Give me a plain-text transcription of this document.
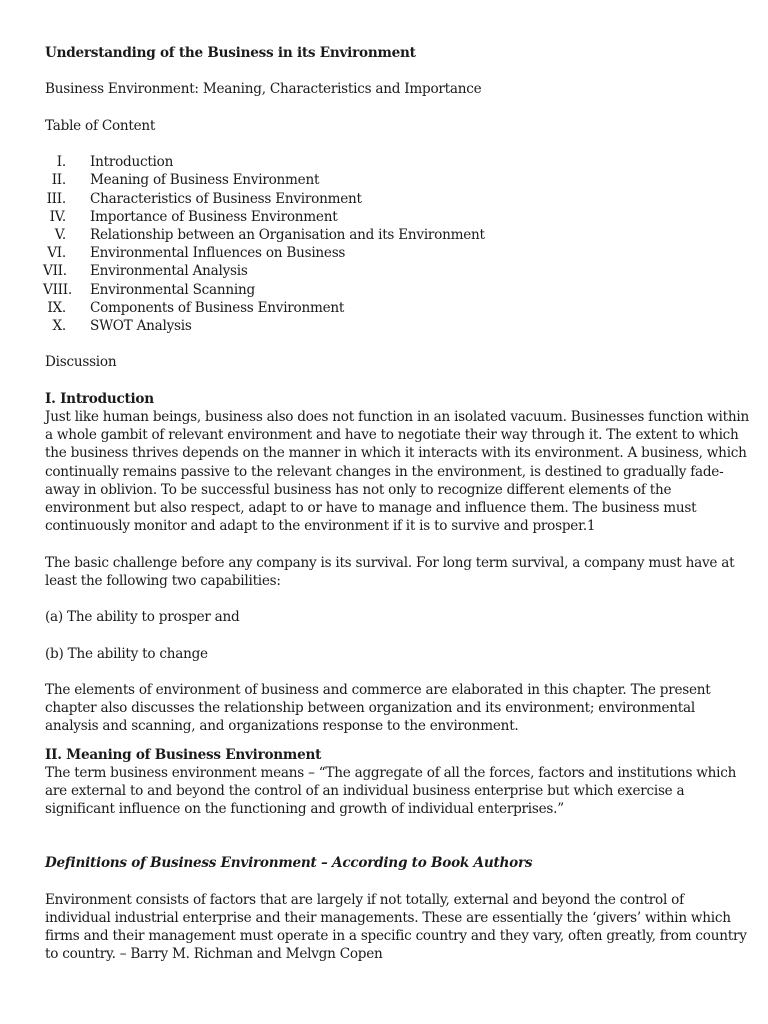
Understanding of the Business in its Environment

Business Environment: Meaning, Characteristics and Importance

Table of Content

I. Introduction
II. Meaning of Business Environment
III. Characteristics of Business Environment
IV. Importance of Business Environment
V. Relationship between an Organisation and its Environment
VI. Environmental Influences on Business
VII. Environmental Analysis
VIII. Environmental Scanning
IX. Components of Business Environment
X. SWOT Analysis

Discussion

I. Introduction

Just like human beings, business also does not function in an isolated vacuum. Businesses function within

a whole gambit of relevant environment and have to negotiate their way through it. The extent to which

the business thrives depends on the manner in which it interacts with its environment. A business, which

continually remains passive to the relevant changes in the environment, is destined to gradually fade-

away in oblivion. To be successful business has not only to recognize different elements of the

environment but also respect, adapt to or have to manage and influence them. The business must

continuously monitor and adapt to the environment if it is to survive and prosper.1

The basic challenge before any company is its survival. For long term survival, a company must have at

least the following two capabilities:

(a) The ability to prosper and

(b) The ability to change

The elements of environment of business and commerce are elaborated in this chapter. The present

chapter also discusses the relationship between organization and its environment; environmental

analysis and scanning, and organizations response to the environment.

II. Meaning of Business Environment

The term business environment means – “The aggregate of all the forces, factors and institutions which

are external to and beyond the control of an individual business enterprise but which exercise a

significant influence on the functioning and growth of individual enterprises.”

Definitions of Business Environment – According to Book Authors

Environment consists of factors that are largely if not totally, external and beyond the control of

individual industrial enterprise and their managements. These are essentially the ‘givers’ within which

firms and their management must operate in a specific country and they vary, often greatly, from country

to country. – Barry M. Richman and Melvgn Copen
